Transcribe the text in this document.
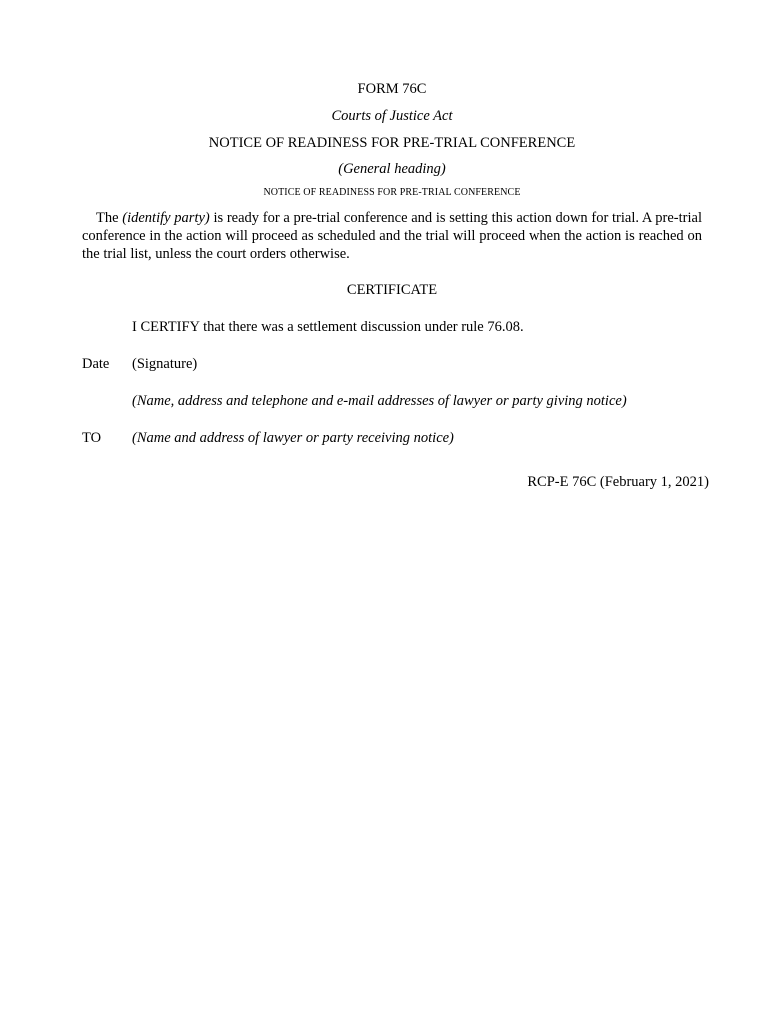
FORM 76C
Courts of Justice Act
NOTICE OF READINESS FOR PRE-TRIAL CONFERENCE
(General heading)
NOTICE OF READINESS FOR PRE-TRIAL CONFERENCE
The (identify party) is ready for a pre-trial conference and is setting this action down for trial. A pre-trial conference in the action will proceed as scheduled and the trial will proceed when the action is reached on the trial list, unless the court orders otherwise.
CERTIFICATE
I CERTIFY that there was a settlement discussion under rule 76.08.
Date (Signature)
(Name, address and telephone and e-mail addresses of lawyer or party giving notice)
TO (Name and address of lawyer or party receiving notice)
RCP-E 76C (February 1, 2021)
